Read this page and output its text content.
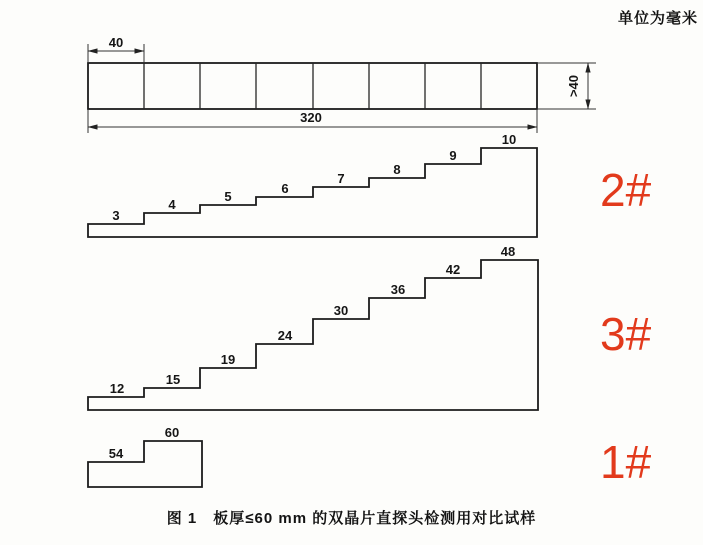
单位为毫米
40
320
>40
3
4
5
6
7
8
9
10
12
15
19
24
30
36
42
48
54
60
2#
3#
1#
图 1　板厚≤60 mm 的双晶片直探头检测用对比试样
